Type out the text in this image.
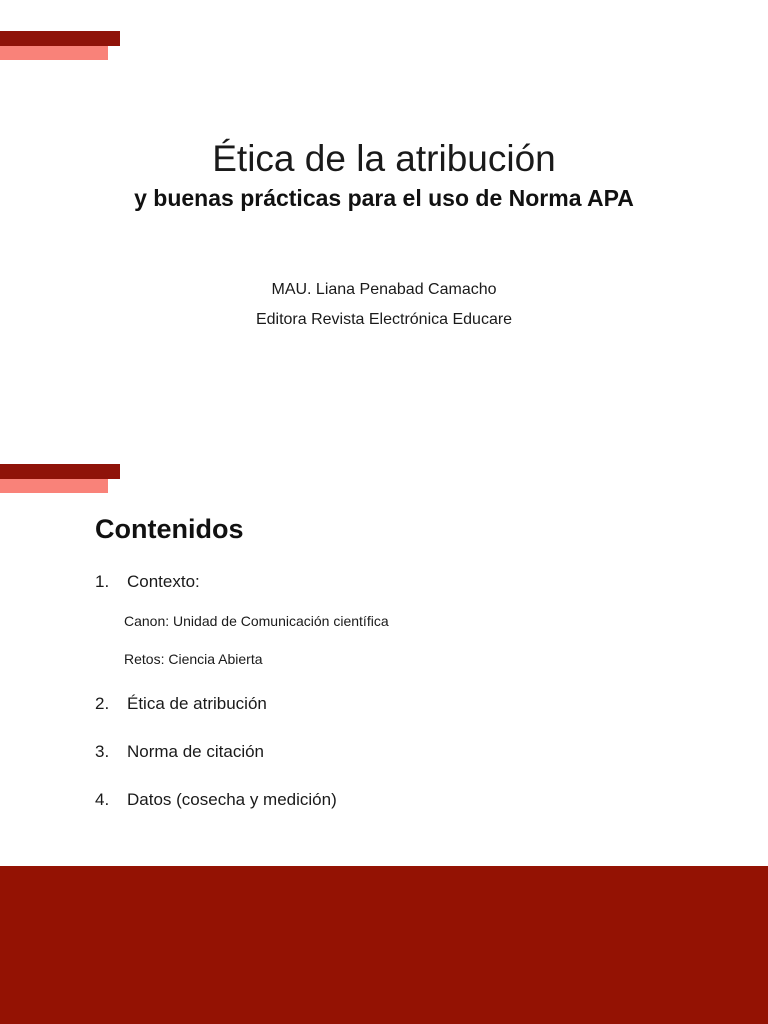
Ética de la atribución
y buenas prácticas para el uso de Norma APA
MAU. Liana Penabad Camacho
Editora Revista Electrónica Educare
Contenidos
1. Contexto:
Canon: Unidad de Comunicación científica
Retos: Ciencia Abierta
2. Ética de atribución
3. Norma de citación
4. Datos (cosecha y medición)
